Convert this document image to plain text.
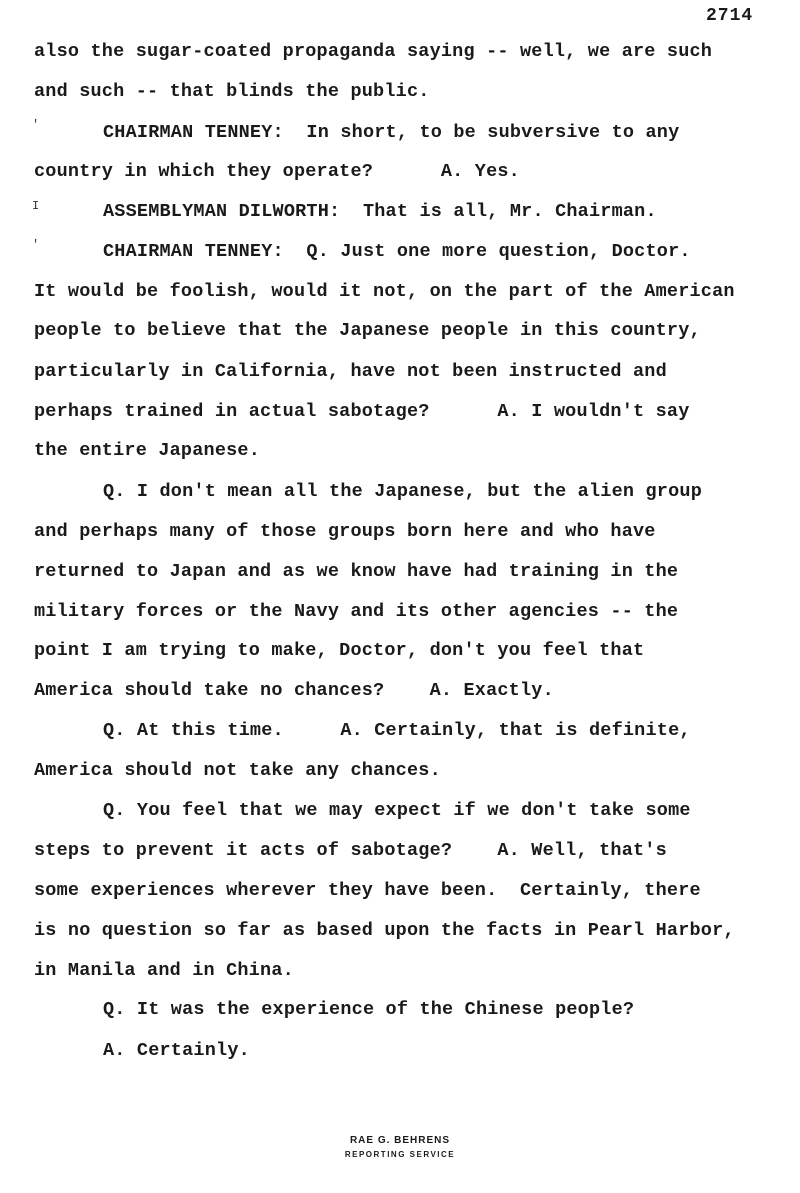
2714
'
I
'
also the sugar-coated propaganda saying -- well, we are such
and such -- that blinds the public.
CHAIRMAN TENNEY:  In short, to be subversive to any
country in which they operate?      A. Yes.
ASSEMBLYMAN DILWORTH:  That is all, Mr. Chairman.
CHAIRMAN TENNEY:  Q. Just one more question, Doctor.
It would be foolish, would it not, on the part of the American
people to believe that the Japanese people in this country,
particularly in California, have not been instructed and
perhaps trained in actual sabotage?      A. I wouldn't say
the entire Japanese.
Q. I don't mean all the Japanese, but the alien group
and perhaps many of those groups born here and who have
returned to Japan and as we know have had training in the
military forces or the Navy and its other agencies -- the
point I am trying to make, Doctor, don't you feel that
America should take no chances?    A. Exactly.
Q. At this time.     A. Certainly, that is definite,
America should not take any chances.
Q. You feel that we may expect if we don't take some
steps to prevent it acts of sabotage?    A. Well, that's
some experiences wherever they have been.  Certainly, there
is no question so far as based upon the facts in Pearl Harbor,
in Manila and in China.
Q. It was the experience of the Chinese people?
A. Certainly.
RAE G. BEHRENS
REPORTING SERVICE
